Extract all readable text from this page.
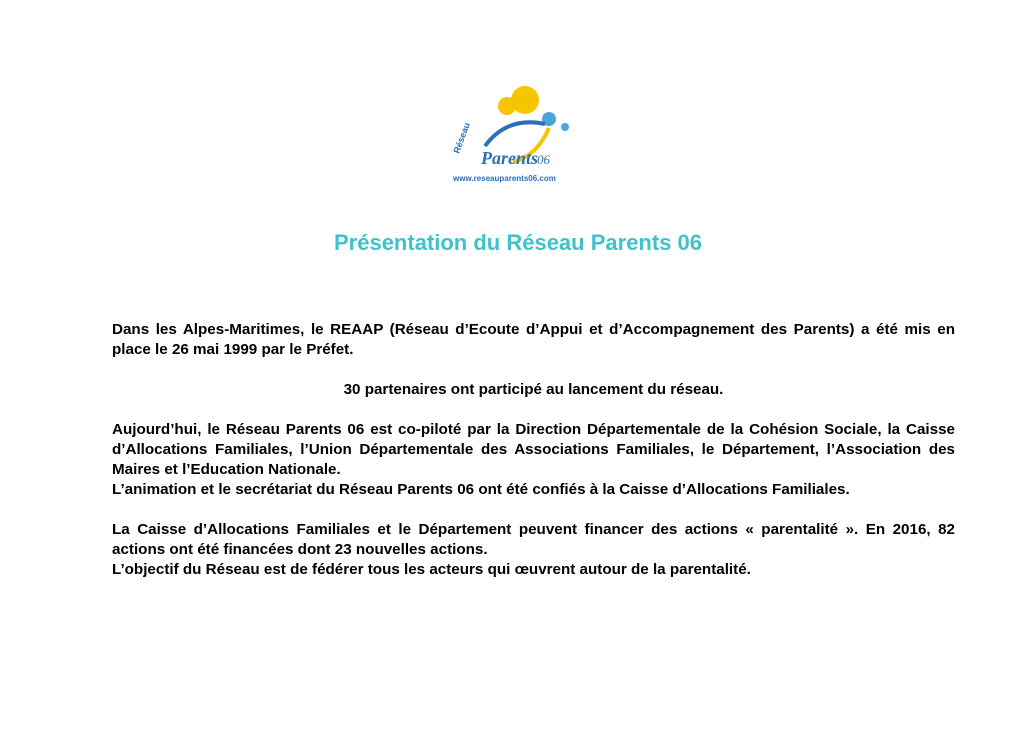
Réseau
Parents
06
www.reseauparents06.com
Présentation du Réseau Parents 06

Dans les Alpes-Maritimes, le REAAP (Réseau d’Ecoute d’Appui et d’Accompagnement des Parents) a été mis en place le 26 mai 1999 par le Préfet.

30 partenaires ont participé au lancement du réseau.

Aujourd’hui, le Réseau Parents 06 est co-piloté par la Direction Départementale de la Cohésion Sociale, la Caisse d’Allocations Familiales, l’Union Départementale des Associations Familiales, le Département, l’Association des Maires et l’Education Nationale.

L’animation et le secrétariat du Réseau Parents 06 ont été confiés à la Caisse d’Allocations Familiales.

La Caisse d’Allocations Familiales et le Département peuvent financer des actions « parentalité ». En 2016, 82 actions ont été financées dont 23 nouvelles actions.

L’objectif du Réseau est de fédérer tous les acteurs qui œuvrent autour de la parentalité.
